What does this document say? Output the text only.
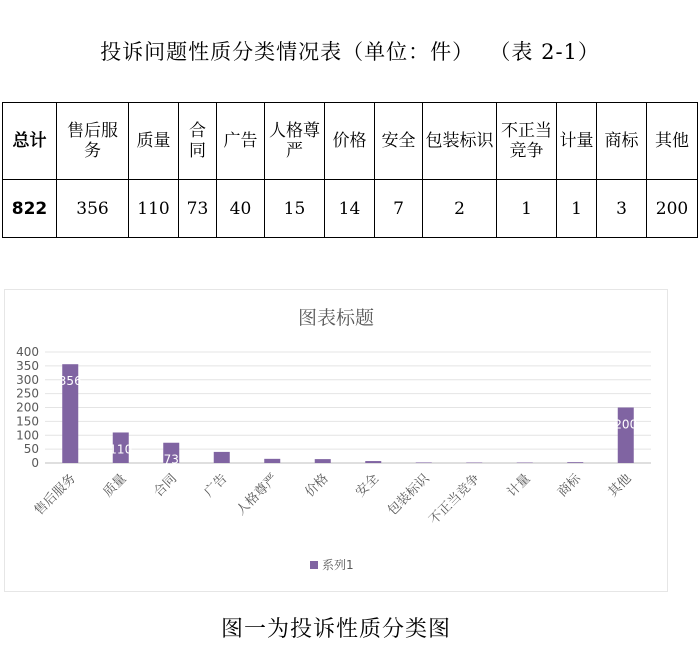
投诉问题性质分类情况表（单位：件）  （表 2-1）
总计	售后服务	质量	合同	广告	人格尊严	价格	安全	包装标识	不正当竞争	计量	商标	其他
822	356	110	73	40	15	14	7	2	1	1	3	200
图表标题
0
50
100
150
200
250
300
350
400
356
售后服务
110
质量
73
合同 广告 人格尊严 价格 安全 包装标识
不正当竞争 计量 商标
200
其他
系列1
图一为投诉性质分类图
